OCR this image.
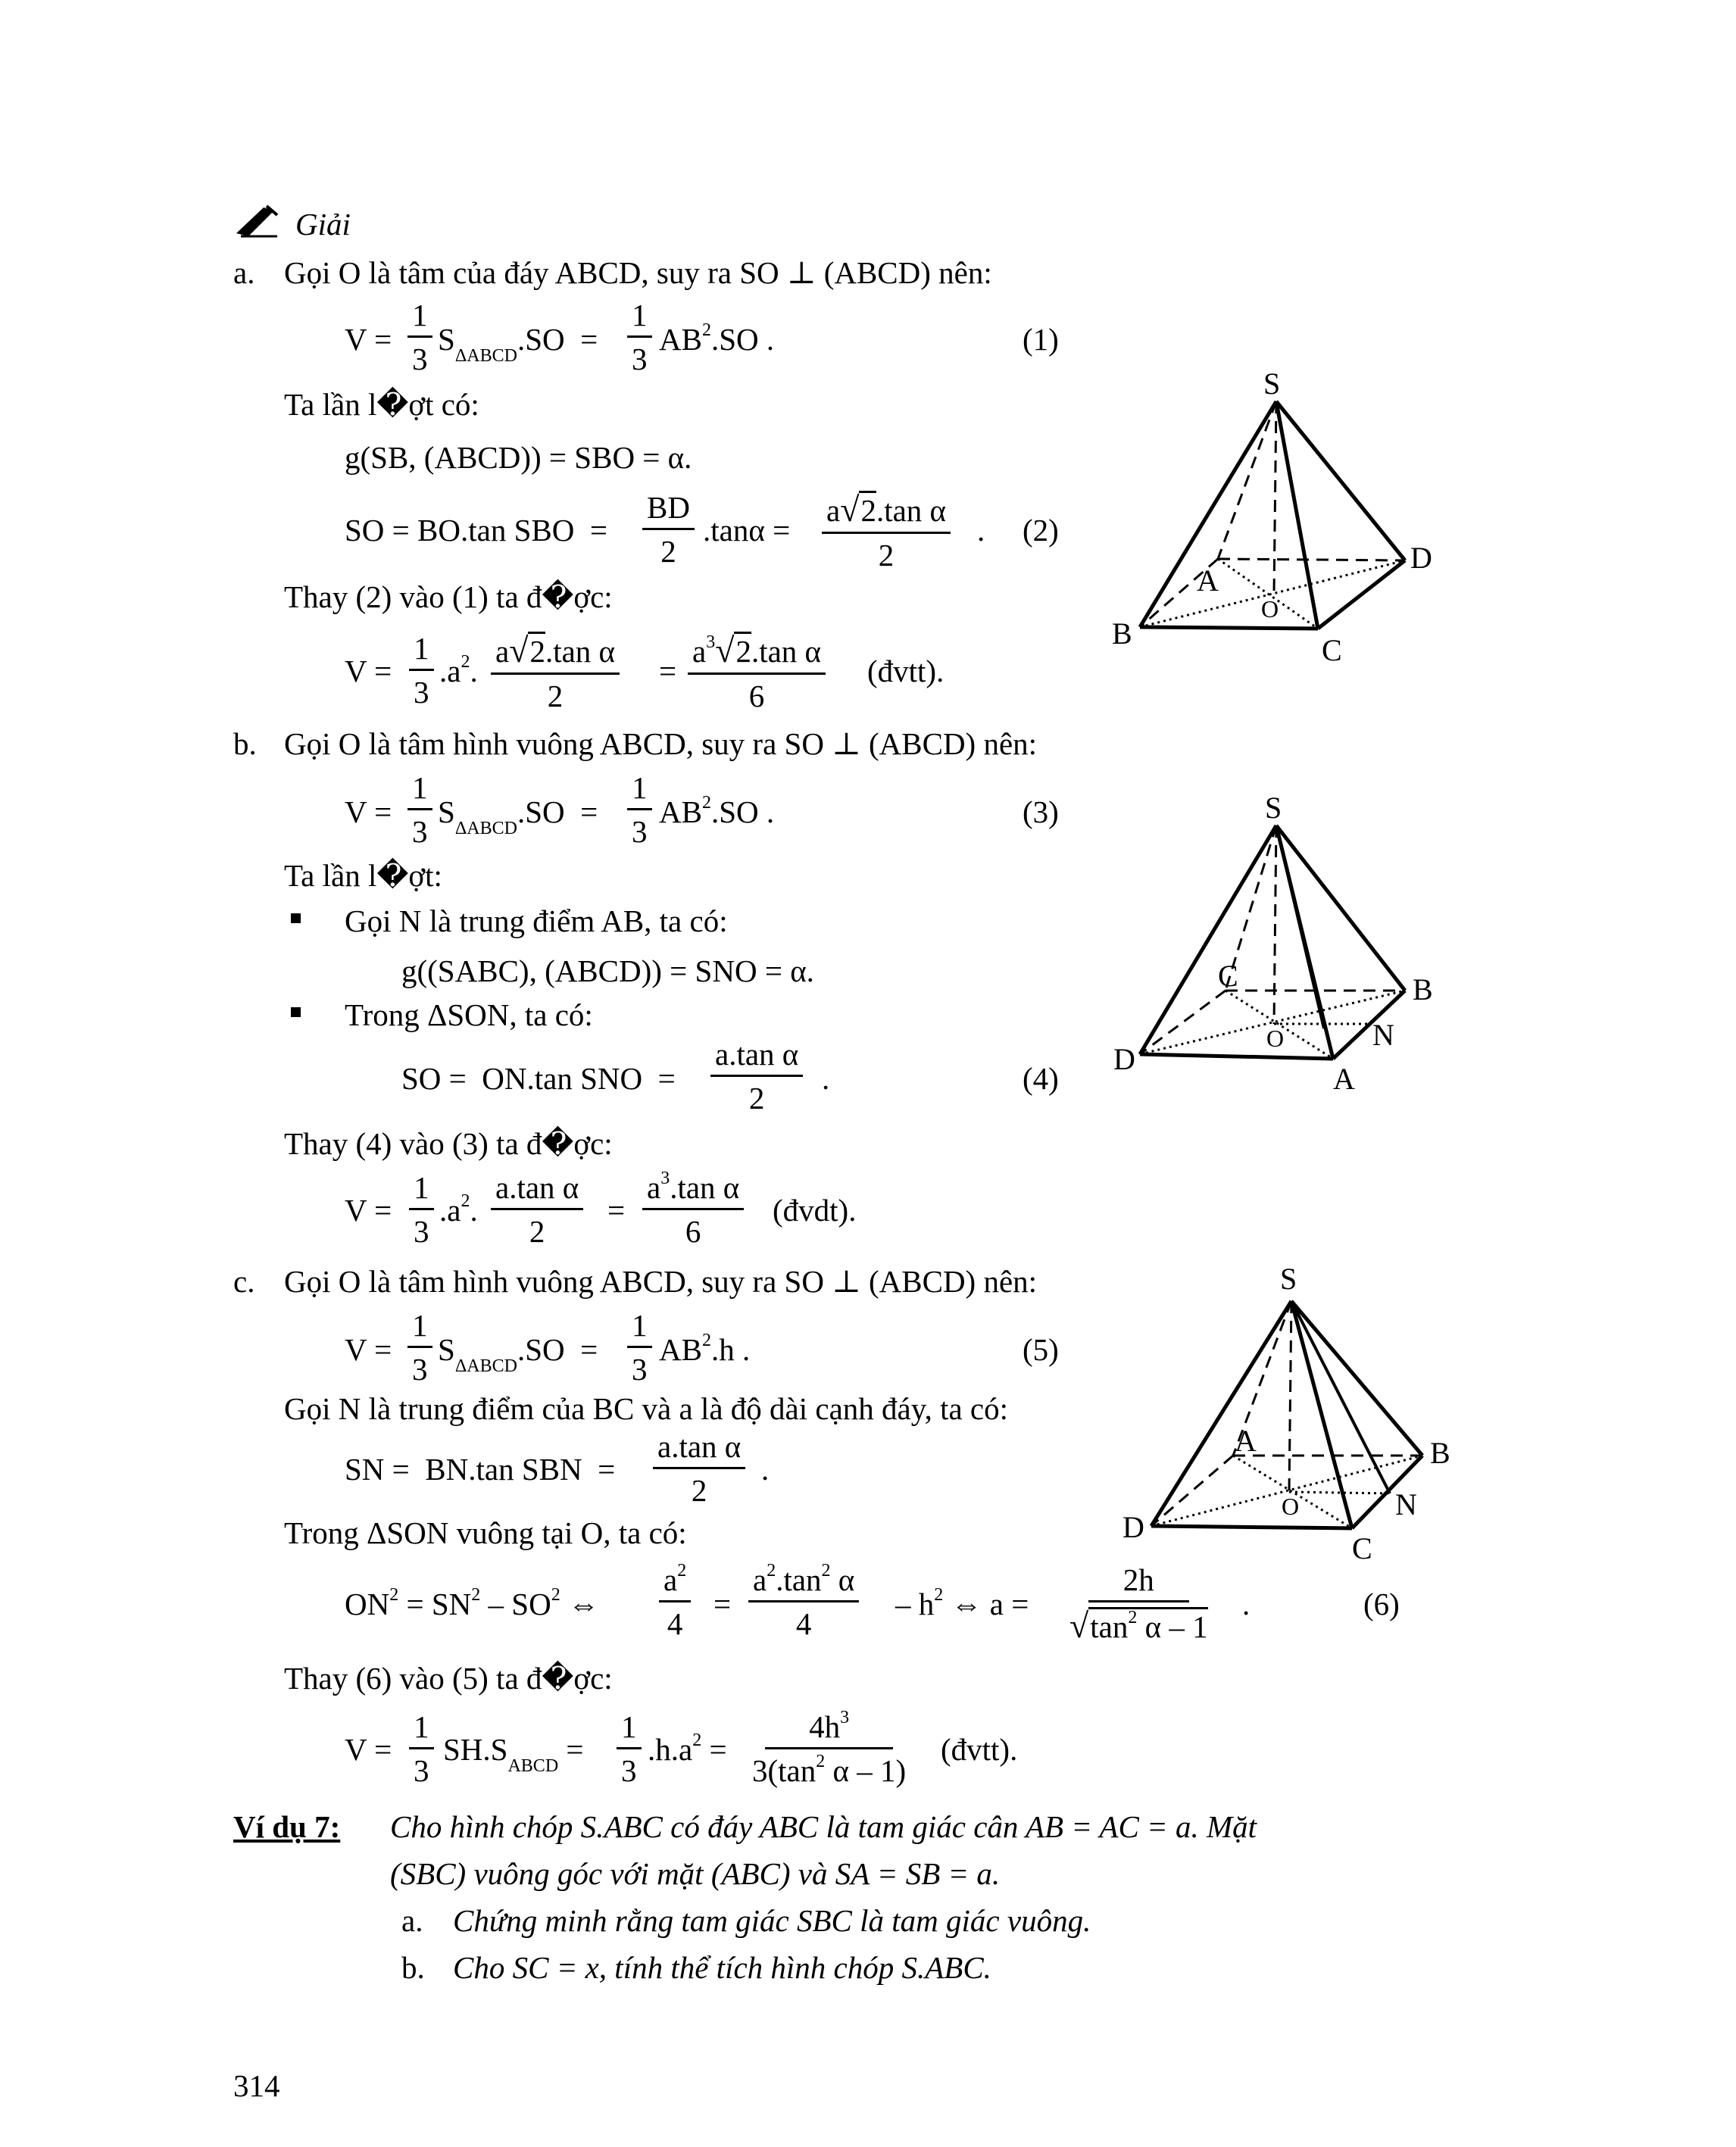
Giải
a. Gọi O là tâm của đáy ABCD, suy ra SO ⊥ (ABCD) nên:
$V = \frac{1}{3} S_{\Delta ABCD}.SO = \frac{1}{3} AB^2.SO$ .	(1)
Ta lần l�ợt có:
g(SB, (ABCD)) = SBO = α.
SO = BO.tan SBO  = $\frac{BD}{2} .\tan\alpha = \frac{\text{a√2.tan α}}{2}$ . (2)
Thay (2) vào (1) ta đ�ợc:
$V = \frac{1}{3} .a^2$. $\frac{\text{a√2.tan α}}{2} = \frac{a^3√2.\tan \alpha}{6}$ (đvtt).
S
D
A
O
B	C
b. Gọi O là tâm hình vuông ABCD, suy ra SO ⊥ (ABCD) nên:
$V = \frac{1}{3} S_{\Delta ABCD}.SO = \frac{1}{3} AB^2.SO$ .	(3)
Ta lần l�ợt:
Gọi N là trung điểm AB, ta có:
g((SABC), (ABCD)) = SNO = α.
Trong ΔSON, ta có:
SO =  ON.tan SNO  = $\frac{\text{a.tan α}}{2}$ .	(4)
Thay (4) vào (3) ta đ�ợc:
$V = \frac{1}{3} .a^2$. $\frac{\text{a.tan α}}{2} = \frac{a^3.\tan \alpha}{6}$ (đvdt).
S
C	B
O	N
D
A
c. Gọi O là tâm hình vuông ABCD, suy ra SO ⊥ (ABCD) nên:
$V = \frac{1}{3} S_{\Delta ABCD}.SO = \frac{1}{3} AB^2.h$ .	(5)
Gọi N là trung điểm của BC và a là độ dài cạnh đáy, ta có:
SN =  BN.tan SBN  = $\frac{\text{a.tan α}}{2}$ .
Trong ΔSON vuông tại O, ta có:
$ON^2 = SN^2 - SO^2$ ⇔ $\frac{a^2}{4} = \frac{a^2.\tan^2 \alpha}{4} - h^2$ ⇔ $a = \frac{2h}{√\tan^2 \alpha - 1}$ .	(6)
Thay (6) vào (5) ta đ�ợc:
$V = \frac{1}{3} SH.S_{ABCD} = \frac{1}{3} .h.a^2 = \frac{4h^3}{3(\tan^2 \alpha - 1)}$ (đvtt).
S
A	B
O	N
D
C
Ví dụ 7: Cho hình chóp S.ABC có đáy ABC là tam giác cân AB = AC = a. Mặt
(SBC) vuông góc với mặt (ABC) và SA = SB = a.
a. Chứng minh rằng tam giác SBC là tam giác vuông.
b. Cho SC = x, tính thể tích hình chóp S.ABC.
314
